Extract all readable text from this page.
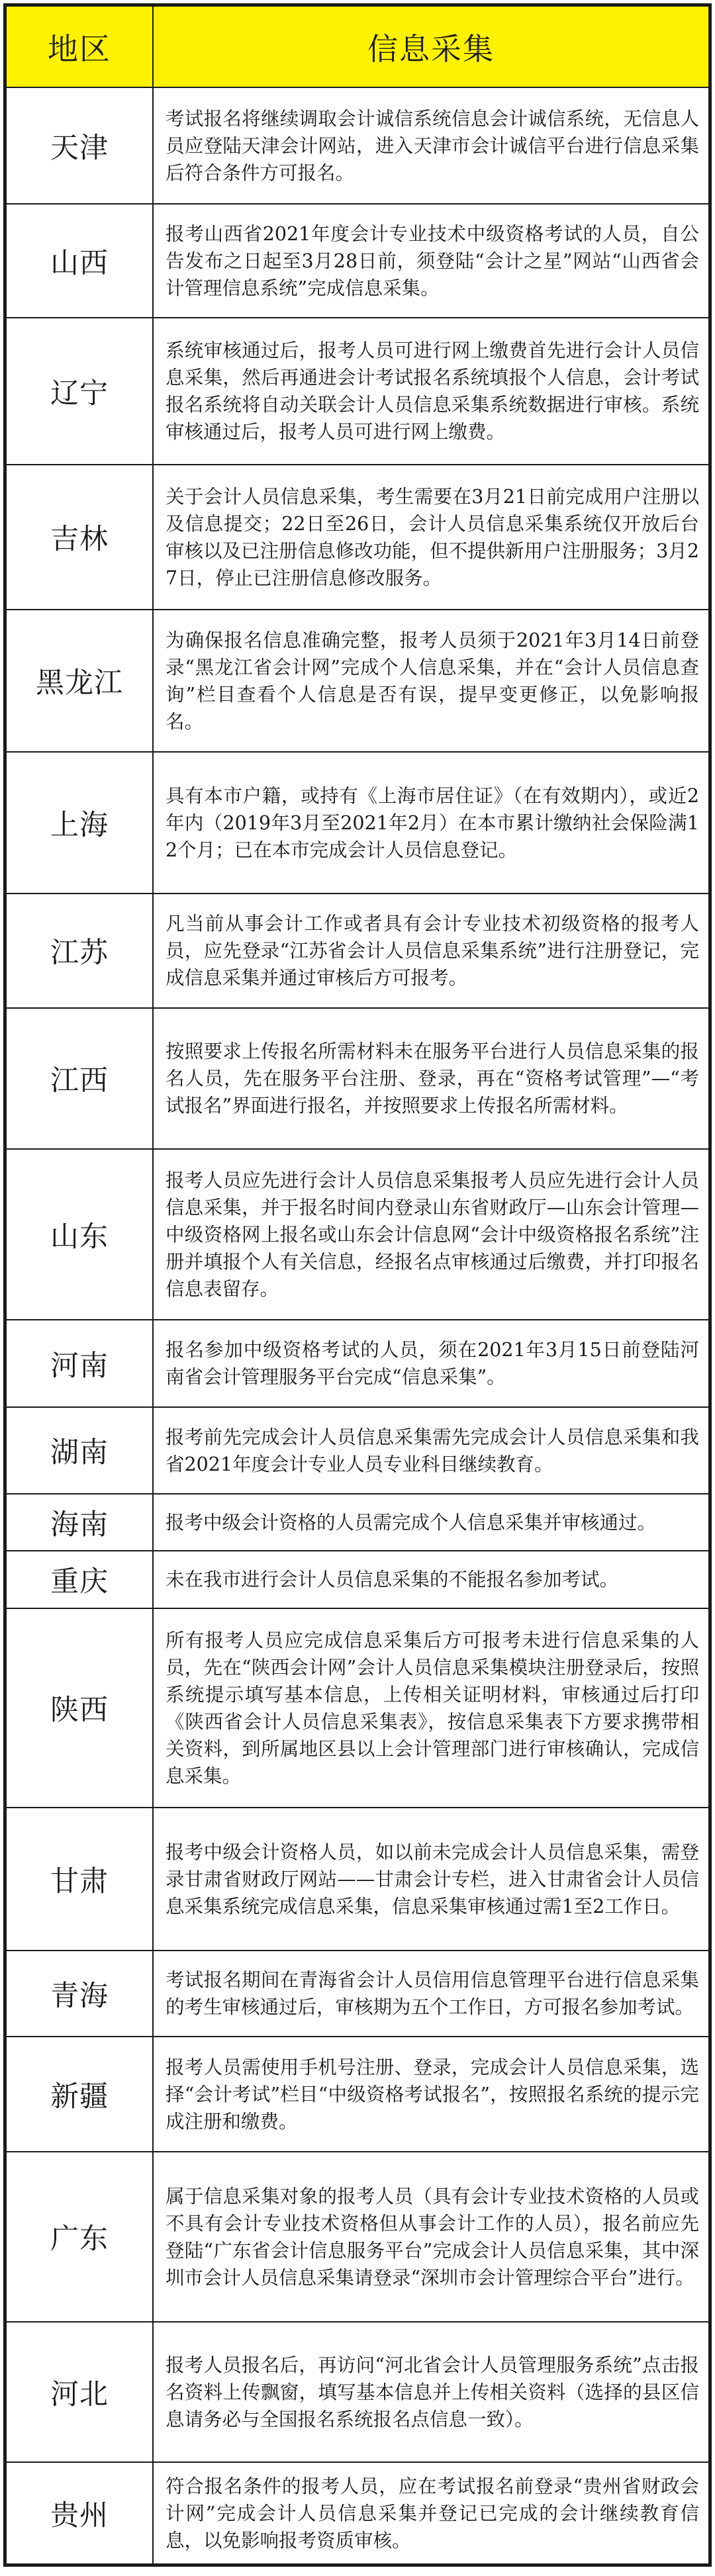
地区	信息采集
天津	考试报名将继续调取会计诚信系统信息会计诚信系统，无信息人员应登陆天津会计网站，进入天津市会计诚信平台进行信息采集后符合条件方可报名。
山西	报考山西省2021年度会计专业技术中级资格考试的人员，自公告发布之日起至3月28日前，须登陆“会计之星”网站“山西省会计管理信息系统”完成信息采集。
辽宁	系统审核通过后，报考人员可进行网上缴费首先进行会计人员信息采集，然后再通进会计考试报名系统填报个人信息，会计考试报名系统将自动关联会计人员信息采集系统数据进行审核。系统审核通过后，报考人员可进行网上缴费。
吉林	关于会计人员信息采集，考生需要在3月21日前完成用户注册以及信息提交；22日至26日，会计人员信息采集系统仅开放后台审核以及已注册信息修改功能，但不提供新用户注册服务；3月27日，停止已注册信息修改服务。
黑龙江	为确保报名信息准确完整，报考人员须于2021年3月14日前登录“黑龙江省会计网”完成个人信息采集，并在“会计人员信息查询”栏目查看个人信息是否有误，提早变更修正，以免影响报名。
上海	具有本市户籍，或持有《上海市居住证》（在有效期内），或近2年内（2019年3月至2021年2月）在本市累计缴纳社会保险满12个月；已在本市完成会计人员信息登记。
江苏	凡当前从事会计工作或者具有会计专业技术初级资格的报考人员，应先登录“江苏省会计人员信息采集系统”进行注册登记，完成信息采集并通过审核后方可报考。
江西	按照要求上传报名所需材料未在服务平台进行人员信息采集的报名人员，先在服务平台注册、登录，再在“资格考试管理”—“考试报名”界面进行报名，并按照要求上传报名所需材料。
山东	报考人员应先进行会计人员信息采集报考人员应先进行会计人员信息采集，并于报名时间内登录山东省财政厅—山东会计管理—中级资格网上报名或山东会计信息网“会计中级资格报名系统”注册并填报个人有关信息，经报名点审核通过后缴费，并打印报名信息表留存。
河南	报名参加中级资格考试的人员，须在2021年3月15日前登陆河南省会计管理服务平台完成“信息采集”。
湖南	报考前先完成会计人员信息采集需先完成会计人员信息采集和我省2021年度会计专业人员专业科目继续教育。
海南	报考中级会计资格的人员需完成个人信息采集并审核通过。
重庆	未在我市进行会计人员信息采集的不能报名参加考试。
陕西	所有报考人员应完成信息采集后方可报考未进行信息采集的人员，先在“陕西会计网”会计人员信息采集模块注册登录后，按照系统提示填写基本信息，上传相关证明材料，审核通过后打印《陕西省会计人员信息采集表》，按信息采集表下方要求携带相关资料，到所属地区县以上会计管理部门进行审核确认，完成信息采集。
甘肃	报考中级会计资格人员，如以前未完成会计人员信息采集，需登录甘肃省财政厅网站——甘肃会计专栏，进入甘肃省会计人员信息采集系统完成信息采集，信息采集审核通过需1至2工作日。
青海	考试报名期间在青海省会计人员信用信息管理平台进行信息采集的考生审核通过后，审核期为五个工作日，方可报名参加考试。
新疆	报考人员需使用手机号注册、登录，完成会计人员信息采集，选择“会计考试”栏目“中级资格考试报名”，按照报名系统的提示完成注册和缴费。
广东	属于信息采集对象的报考人员（具有会计专业技术资格的人员或不具有会计专业技术资格但从事会计工作的人员），报名前应先登陆“广东省会计信息服务平台”完成会计人员信息采集，其中深圳市会计人员信息采集请登录“深圳市会计管理综合平台”进行。
河北	报考人员报名后，再访问“河北省会计人员管理服务系统”点击报名资料上传飘窗，填写基本信息并上传相关资料（选择的县区信息请务必与全国报名系统报名点信息一致）。
贵州	符合报名条件的报考人员，应在考试报名前登录“贵州省财政会计网”完成会计人员信息采集并登记已完成的会计继续教育信息，以免影响报考资质审核。
